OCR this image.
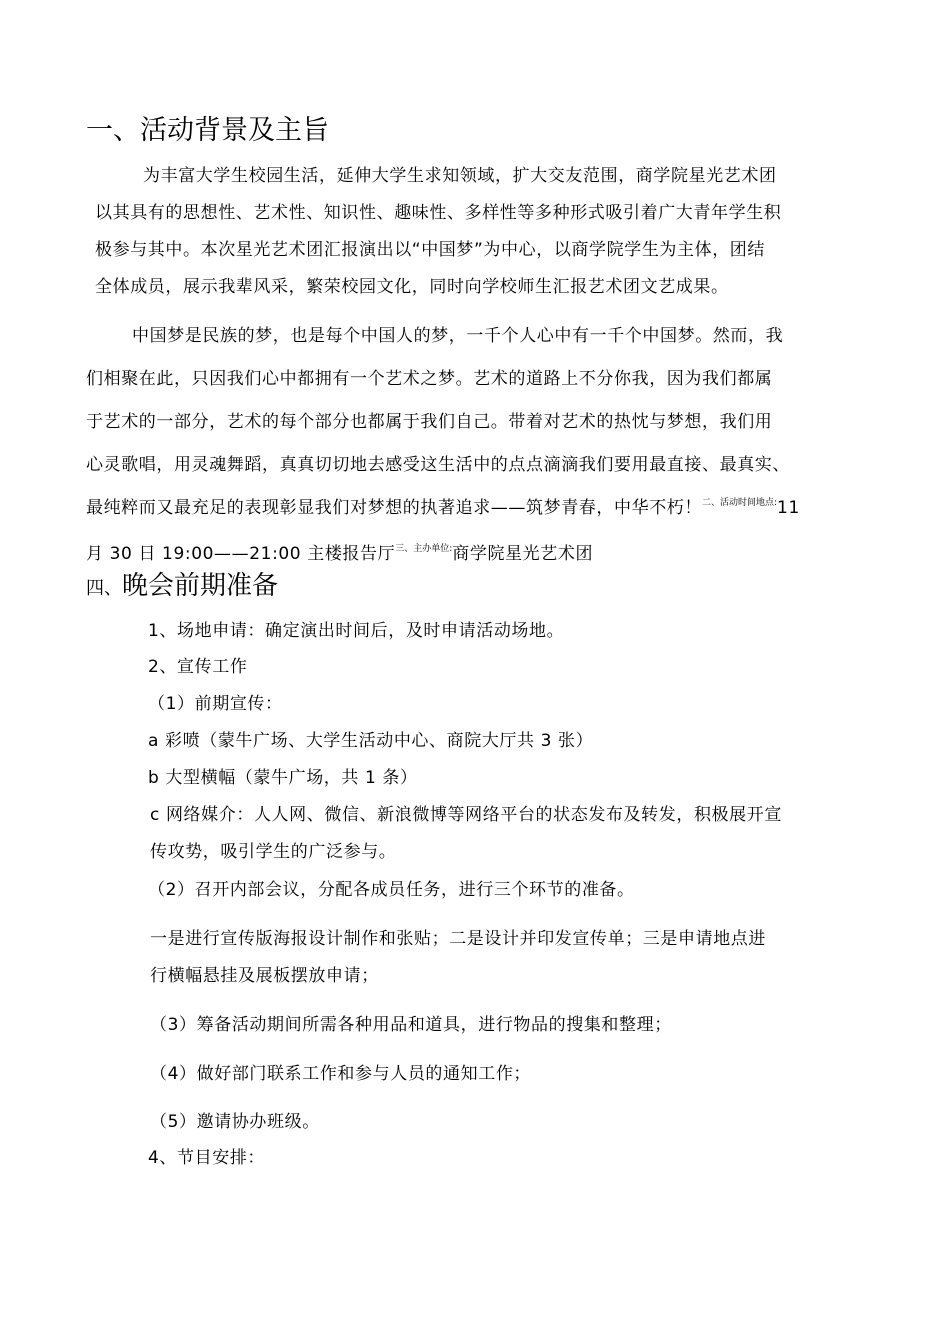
一、活动背景及主旨
为丰富大学生校园生活，延伸大学生求知领域，扩大交友范围，商学院星光艺术团
以其具有的思想性、艺术性、知识性、趣味性、多样性等多种形式吸引着广大青年学生积
极参与其中。本次星光艺术团汇报演出以“中国梦”为中心，以商学院学生为主体，团结
全体成员，展示我辈风采，繁荣校园文化，同时向学校师生汇报艺术团文艺成果。
中国梦是民族的梦，也是每个中国人的梦，一千个人心中有一千个中国梦。然而，我
们相聚在此，只因我们心中都拥有一个艺术之梦。艺术的道路上不分你我，因为我们都属
于艺术的一部分，艺术的每个部分也都属于我们自己。带着对艺术的热忱与梦想，我们用
心灵歌唱，用灵魂舞蹈，真真切切地去感受这生活中的点点滴滴我们要用最直接、最真实、
最纯粹而又最充足的表现彰显我们对梦想的执著追求——筑梦青春，中华不朽！$^{二、活动时间地点:}$11
月 30 日 19:00——21:00 主楼报告厅$^{三、主办单位:}$商学院星光艺术团
四、晚会前期准备
1、场地申请：确定演出时间后，及时申请活动场地。
2、宣传工作
（1）前期宣传：
a 彩喷（蒙牛广场、大学生活动中心、商院大厅共 3 张）
b 大型横幅（蒙牛广场，共 1 条）
c 网络媒介：人人网、微信、新浪微博等网络平台的状态发布及转发，积极展开宣
传攻势，吸引学生的广泛参与。
（2）召开内部会议，分配各成员任务，进行三个环节的准备。
一是进行宣传版海报设计制作和张贴；二是设计并印发宣传单；三是申请地点进
行横幅悬挂及展板摆放申请；
（3）筹备活动期间所需各种用品和道具，进行物品的搜集和整理；
（4）做好部门联系工作和参与人员的通知工作；
（5）邀请协办班级。
4、节目安排：
